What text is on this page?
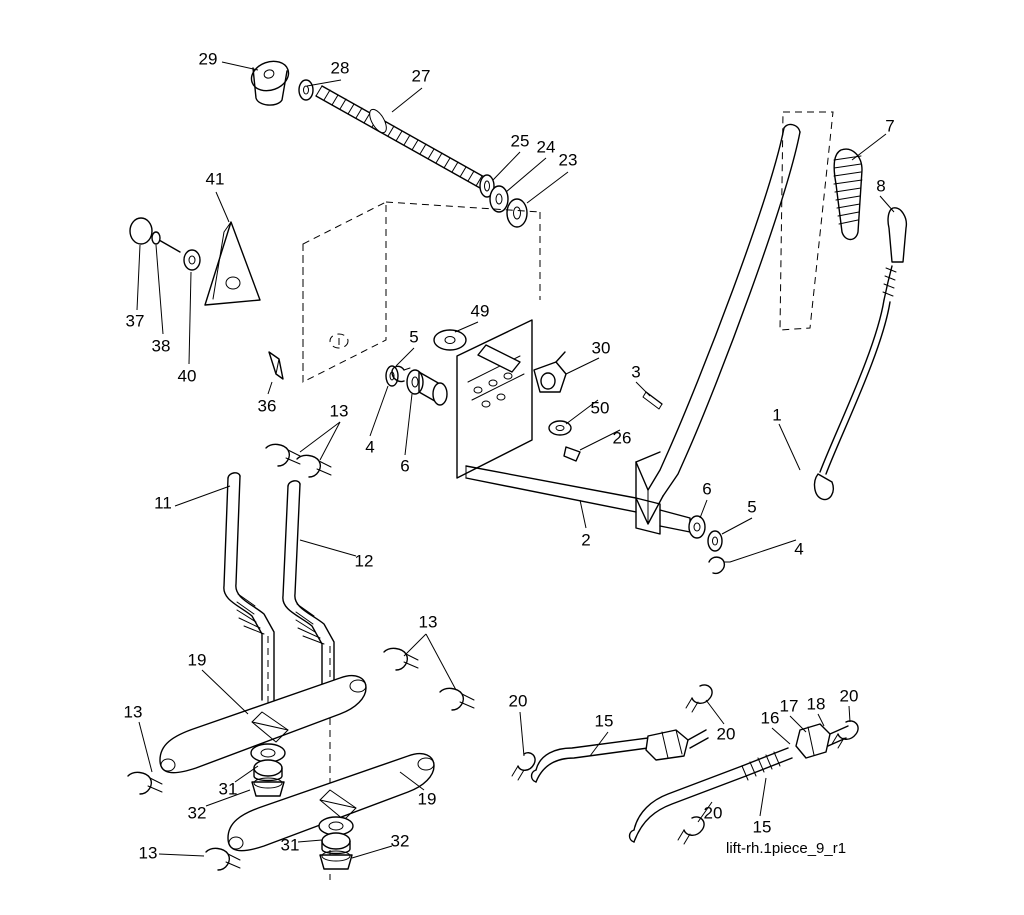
29	28	27
7
25 24
23
8
41
37
38
40
36
49
5
30
3
50
26
1
4
6
13
11
12
2
6
5
4
13
19
13
31
32
19
13	31	32
20
15
20
16
17 18 20
20
15
lift-rh.1piece_9_r1
